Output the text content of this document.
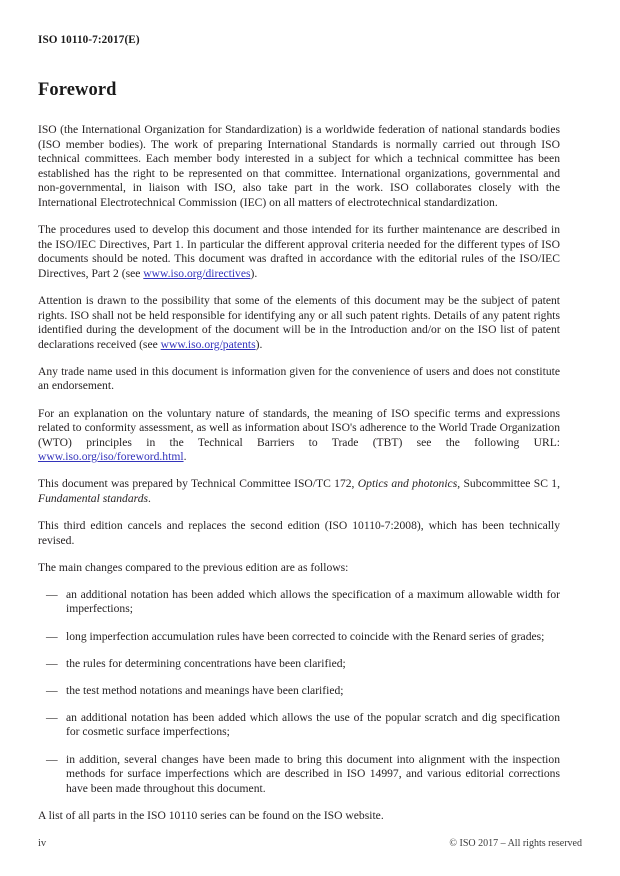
ISO 10110-7:2017(E)
Foreword

ISO (the International Organization for Standardization) is a worldwide federation of national standards bodies (ISO member bodies). The work of preparing International Standards is normally carried out through ISO technical committees. Each member body interested in a subject for which a technical committee has been established has the right to be represented on that committee. International organizations, governmental and non-governmental, in liaison with ISO, also take part in the work. ISO collaborates closely with the International Electrotechnical Commission (IEC) on all matters of electrotechnical standardization.

The procedures used to develop this document and those intended for its further maintenance are described in the ISO/IEC Directives, Part 1. In particular the different approval criteria needed for the different types of ISO documents should be noted. This document was drafted in accordance with the editorial rules of the ISO/IEC Directives, Part 2 (see www.iso.org/directives).

Attention is drawn to the possibility that some of the elements of this document may be the subject of patent rights. ISO shall not be held responsible for identifying any or all such patent rights. Details of any patent rights identified during the development of the document will be in the Introduction and/or on the ISO list of patent declarations received (see www.iso.org/patents).

Any trade name used in this document is information given for the convenience of users and does not constitute an endorsement.

For an explanation on the voluntary nature of standards, the meaning of ISO specific terms and expressions related to conformity assessment, as well as information about ISO's adherence to the World Trade Organization (WTO) principles in the Technical Barriers to Trade (TBT) see the following URL: www.iso.org/iso/foreword.html.

This document was prepared by Technical Committee ISO/TC 172, Optics and photonics, Subcommittee SC 1, Fundamental standards.

This third edition cancels and replaces the second edition (ISO 10110-7:2008), which has been technically revised.

The main changes compared to the previous edition are as follows:

— an additional notation has been added which allows the specification of a maximum allowable width for imperfections;
— long imperfection accumulation rules have been corrected to coincide with the Renard series of grades;
— the rules for determining concentrations have been clarified;
— the test method notations and meanings have been clarified;
— an additional notation has been added which allows the use of the popular scratch and dig specification for cosmetic surface imperfections;
— in addition, several changes have been made to bring this document into alignment with the inspection methods for surface imperfections which are described in ISO 14997, and various editorial corrections have been made throughout this document.

A list of all parts in the ISO 10110 series can be found on the ISO website.

iv	© ISO 2017 – All rights reserved
